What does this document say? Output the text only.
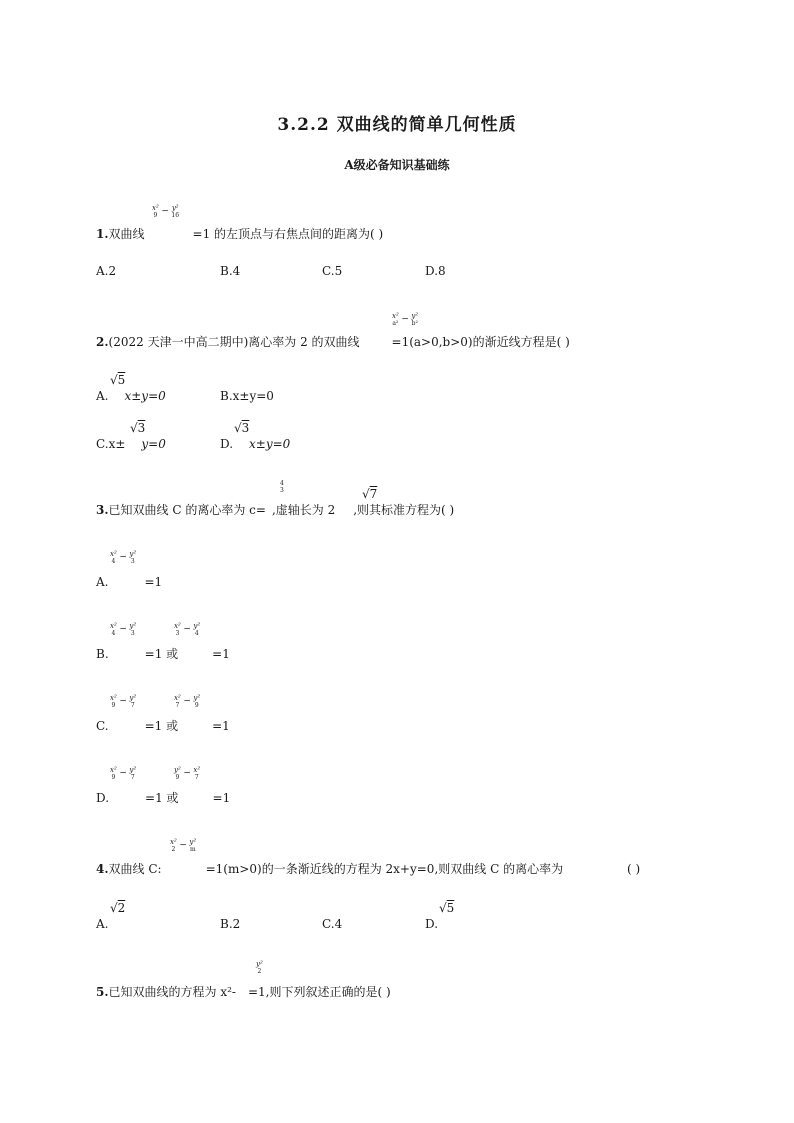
3.2.2 双曲线的简单几何性质
A级必备知识基础练
x²
9 − y²
16
1.双曲线	=1 的左顶点与右焦点间的距离为( )
A.2	B.4	C.5	D.8
x²
a² − y²
b²
2.(2022 天津一中高二期中)离心率为 2 的双曲线	=1(a>0,b>0)的渐近线方程是( )
A. x±y=0
√5
B.x±y=0
C.x± y=0
√3
D. x±y=0
√3
4
3	√7
3.已知双曲线 C 的离心率为 c= ,虚轴长为 2 ,则其标准方程为( )
x²
4 − y²
3
A.	=1
x²
4 − y²
3
x²
3 − y²
4
B.	=1 或	=1
x²
9 − y²
7
x²
7 − y²
9
C.	=1 或	=1
x²
9 − y²
7
y²
9 − x²
7
D.	=1 或	=1
x²
2 − y²
m
4.双曲线 C:	=1(m>0)的一条渐近线的方程为 2x+y=0,则双曲线 C 的离心率为	( )
A.
√2
B.2	C.4	D.
√5
y²
2
5.已知双曲线的方程为 x²- =1,则下列叙述正确的是( )
